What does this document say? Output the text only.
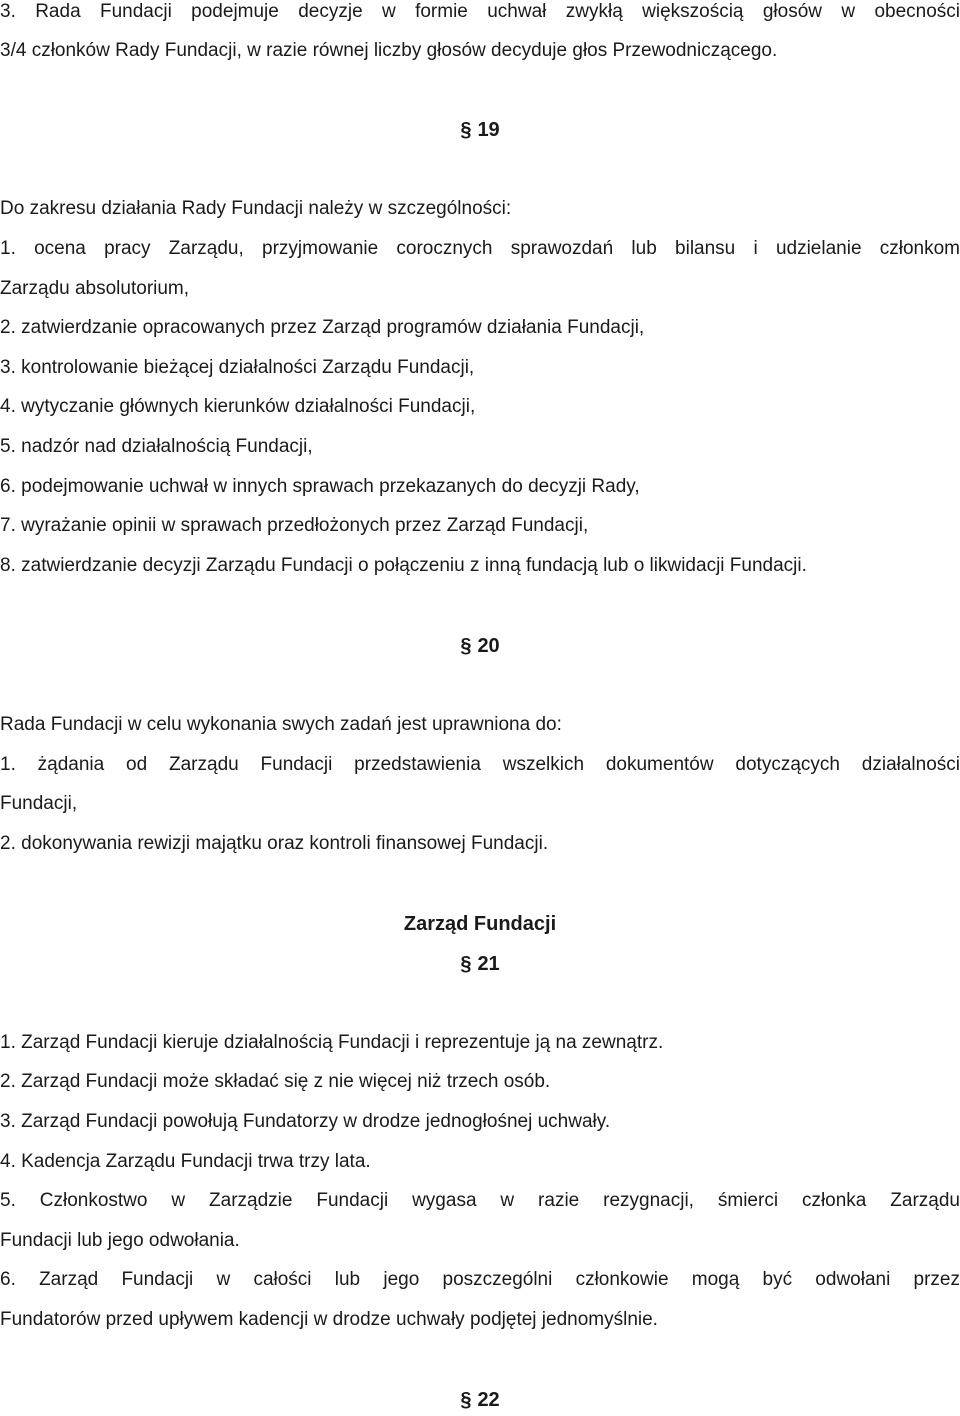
3. Rada Fundacji podejmuje decyzje w formie uchwał zwykłą większością głosów w obecności
3/4 członków Rady Fundacji, w razie równej liczby głosów decyduje głos Przewodniczącego.
§ 19
Do zakresu działania Rady Fundacji należy w szczególności:
1. ocena pracy Zarządu, przyjmowanie corocznych sprawozdań lub bilansu i udzielanie członkom
Zarządu absolutorium,
2. zatwierdzanie opracowanych przez Zarząd programów działania Fundacji,
3. kontrolowanie bieżącej działalności Zarządu Fundacji,
4. wytyczanie głównych kierunków działalności Fundacji,
5. nadzór nad działalnością Fundacji,
6. podejmowanie uchwał w innych sprawach przekazanych do decyzji Rady,
7. wyrażanie opinii w sprawach przedłożonych przez Zarząd Fundacji,
8. zatwierdzanie decyzji Zarządu Fundacji o połączeniu z inną fundacją lub o likwidacji Fundacji.
§ 20
Rada Fundacji w celu wykonania swych zadań jest uprawniona do:
1. żądania od Zarządu Fundacji przedstawienia wszelkich dokumentów dotyczących działalności
Fundacji,
2. dokonywania rewizji majątku oraz kontroli finansowej Fundacji.
Zarząd Fundacji
§ 21
1. Zarząd Fundacji kieruje działalnością Fundacji i reprezentuje ją na zewnątrz.
2. Zarząd Fundacji może składać się z nie więcej niż trzech osób.
3. Zarząd Fundacji powołują Fundatorzy w drodze jednogłośnej uchwały.
4. Kadencja Zarządu Fundacji trwa trzy lata.
5. Członkostwo w Zarządzie Fundacji wygasa w razie rezygnacji, śmierci członka Zarządu
Fundacji lub jego odwołania.
6. Zarząd Fundacji w całości lub jego poszczególni członkowie mogą być odwołani przez
Fundatorów przed upływem kadencji w drodze uchwały podjętej jednomyślnie.
§ 22
